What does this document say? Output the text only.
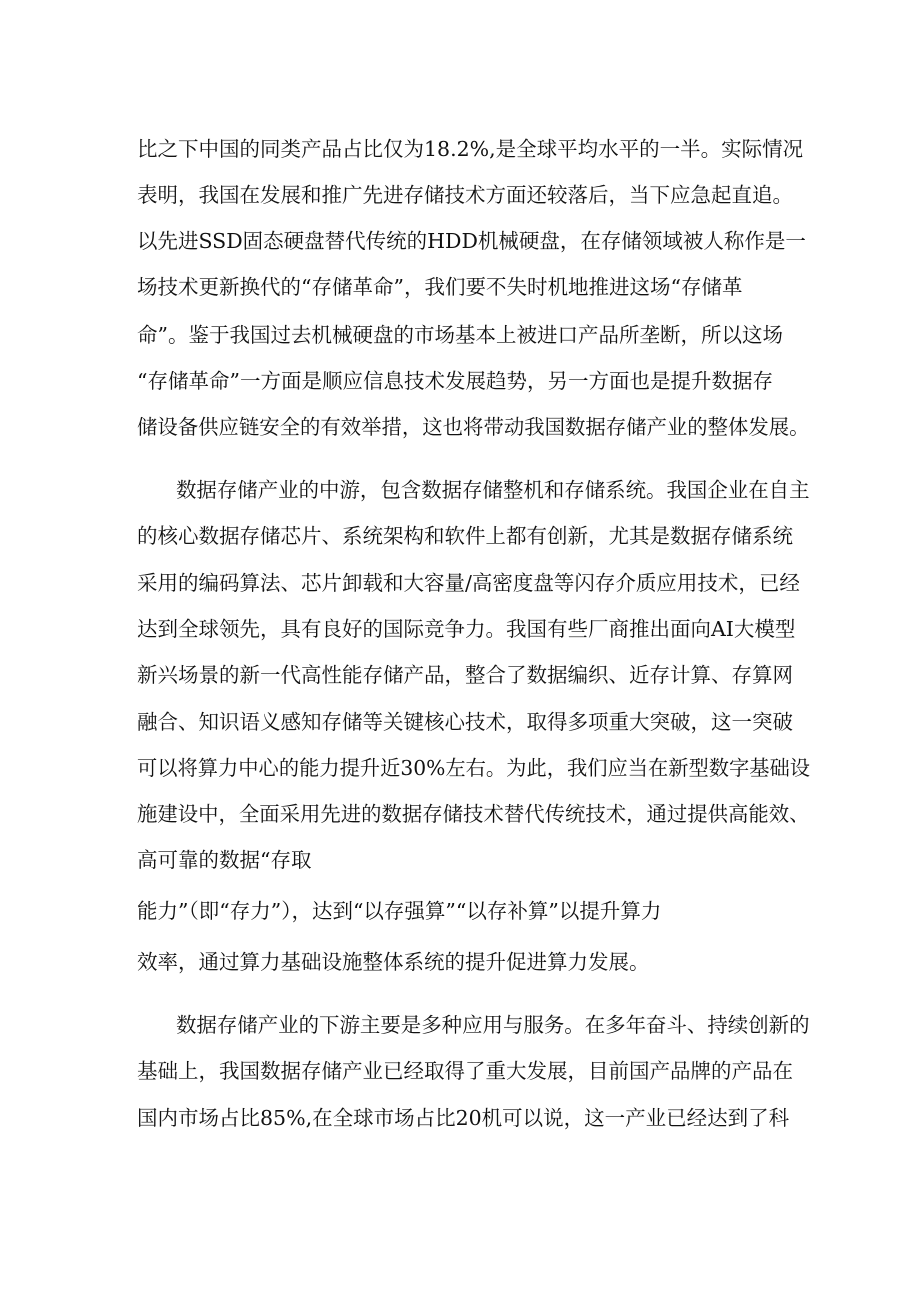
比之下中国的同类产品占比仅为18.2%,是全球平均水平的一半。实际情况
表明，我国在发展和推广先进存储技术方面还较落后，当下应急起直追。
以先进SSD固态硬盘替代传统的HDD机械硬盘，在存储领域被人称作是一
场技术更新换代的“存储革命”，我们要不失时机地推进这场“存储革
命”。鉴于我国过去机械硬盘的市场基本上被进口产品所垄断，所以这场
“存储革命”一方面是顺应信息技术发展趋势，另一方面也是提升数据存
储设备供应链安全的有效举措，这也将带动我国数据存储产业的整体发展。
数据存储产业的中游，包含数据存储整机和存储系统。我国企业在自主
的核心数据存储芯片、系统架构和软件上都有创新，尤其是数据存储系统
采用的编码算法、芯片卸载和大容量/高密度盘等闪存介质应用技术，已经
达到全球领先，具有良好的国际竞争力。我国有些厂商推出面向AI大模型
新兴场景的新一代高性能存储产品，整合了数据编织、近存计算、存算网
融合、知识语义感知存储等关键核心技术，取得多项重大突破，这一突破
可以将算力中心的能力提升近30%左右。为此，我们应当在新型数字基础设
施建设中，全面采用先进的数据存储技术替代传统技术，通过提供高能效、
高可靠的数据“存取
能力”（即“存力”），达到“以存强算”“以存补算”以提升算力
效率，通过算力基础设施整体系统的提升促进算力发展。
数据存储产业的下游主要是多种应用与服务。在多年奋斗、持续创新的
基础上，我国数据存储产业已经取得了重大发展，目前国产品牌的产品在
国内市场占比85%,在全球市场占比20机可以说，这一产业已经达到了科
